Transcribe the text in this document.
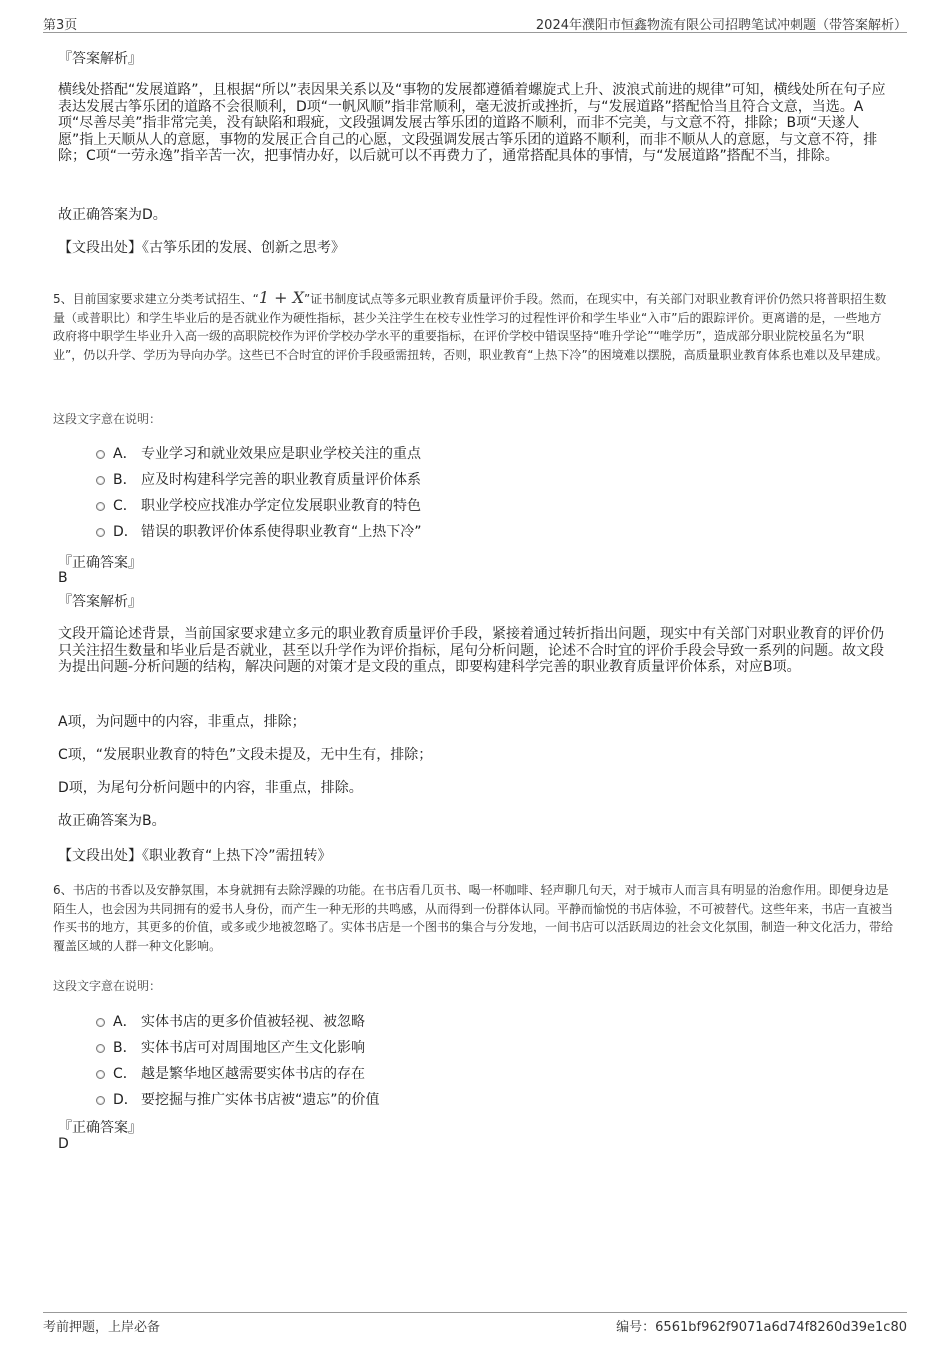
第3页	2024年濮阳市恒鑫物流有限公司招聘笔试冲刺题（带答案解析）
『答案解析』
横线处搭配“发展道路”，且根据“所以”表因果关系以及“事物的发展都遵循着螺旋式上升、波浪式前进的规律”可知，横线处所在句子应表达发展古筝乐团的道路不会很顺利，D项“一帆风顺”指非常顺利，毫无波折或挫折，与“发展道路”搭配恰当且符合文意，当选。A项“尽善尽美”指非常完美，没有缺陷和瑕疵，文段强调发展古筝乐团的道路不顺利，而非不完美，与文意不符，排除；B项“天遂人愿”指上天顺从人的意愿，事物的发展正合自己的心愿，文段强调发展古筝乐团的道路不顺利，而非不顺从人的意愿，与文意不符，排除；C项“一劳永逸”指辛苦一次，把事情办好，以后就可以不再费力了，通常搭配具体的事情，与“发展道路”搭配不当，排除。
故正确答案为D。
【文段出处】《古筝乐团的发展、创新之思考》
5、目前国家要求建立分类考试招生、“1 + X”证书制度试点等多元职业教育质量评价手段。然而，在现实中，有关部门对职业教育评价仍然只将普职招生数量（或普职比）和学生毕业后的是否就业作为硬性指标，甚少关注学生在校专业性学习的过程性评价和学生毕业“入市”后的跟踪评价。更离谱的是，一些地方政府将中职学生毕业升入高一级的高职院校作为评价学校办学水平的重要指标，在评价学校中错误坚持“唯升学论”“唯学历”，造成部分职业院校虽名为“职业”，仍以升学、学历为导向办学。这些已不合时宜的评价手段亟需扭转，否则，职业教育“上热下冷”的困境难以摆脱，高质量职业教育体系也难以及早建成。
这段文字意在说明：
A． 专业学习和就业效果应是职业学校关注的重点
B． 应及时构建科学完善的职业教育质量评价体系
C． 职业学校应找准办学定位发展职业教育的特色
D． 错误的职教评价体系使得职业教育“上热下冷”
『正确答案』
B
『答案解析』
文段开篇论述背景，当前国家要求建立多元的职业教育质量评价手段，紧接着通过转折指出问题，现实中有关部门对职业教育的评价仍只关注招生数量和毕业后是否就业，甚至以升学作为评价指标，尾句分析问题，论述不合时宜的评价手段会导致一系列的问题。故文段为提出问题-分析问题的结构，解决问题的对策才是文段的重点，即要构建科学完善的职业教育质量评价体系，对应B项。
A项，为问题中的内容，非重点，排除；
C项，“发展职业教育的特色”文段未提及，无中生有，排除；
D项，为尾句分析问题中的内容，非重点，排除。
故正确答案为B。
【文段出处】《职业教育“上热下冷”需扭转》
6、书店的书香以及安静氛围，本身就拥有去除浮躁的功能。在书店看几页书、喝一杯咖啡、轻声聊几句天，对于城市人而言具有明显的治愈作用。即便身边是陌生人，也会因为共同拥有的爱书人身份，而产生一种无形的共鸣感，从而得到一份群体认同。平静而愉悦的书店体验，不可被替代。这些年来，书店一直被当作买书的地方，其更多的价值，或多或少地被忽略了。实体书店是一个图书的集合与分发地，一间书店可以活跃周边的社会文化氛围，制造一种文化活力，带给覆盖区域的人群一种文化影响。
这段文字意在说明：
A． 实体书店的更多价值被轻视、被忽略
B． 实体书店可对周围地区产生文化影响
C． 越是繁华地区越需要实体书店的存在
D． 要挖掘与推广实体书店被“遗忘”的价值
『正确答案』
D
考前押题，上岸必备	编号：6561bf962f9071a6d74f8260d39e1c80
